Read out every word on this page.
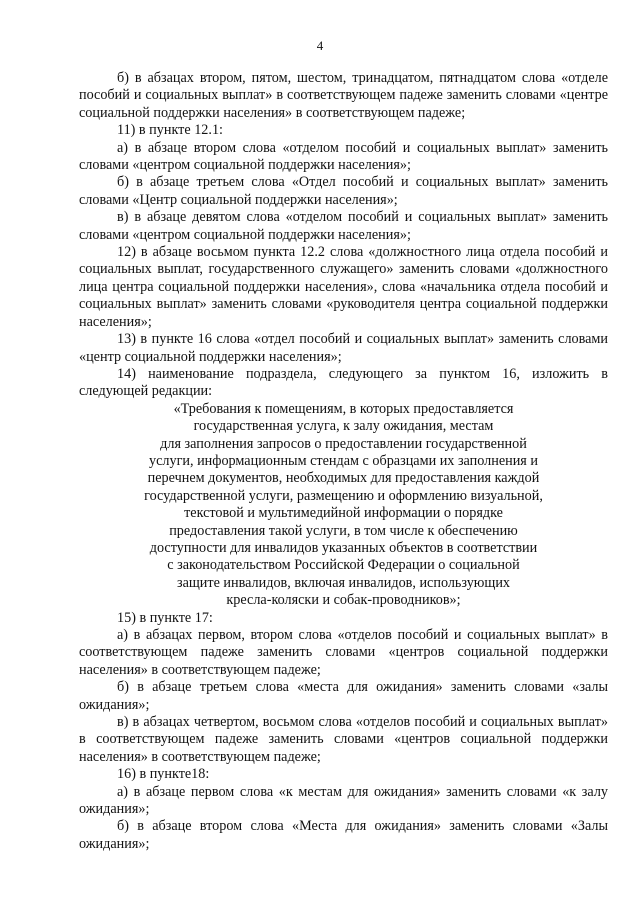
4

б) в абзацах втором, пятом, шестом, тринадцатом, пятнадцатом слова «отделе пособий и социальных выплат» в соответствующем падеже заменить словами «центре социальной поддержки населения» в соответствующем падеже;

11) в пункте 12.1:

а) в абзаце втором слова «отделом пособий и социальных выплат» заменить словами «центром социальной поддержки населения»;

б) в абзаце третьем слова «Отдел пособий и социальных выплат» заменить словами «Центр социальной поддержки населения»;

в) в абзаце девятом слова «отделом пособий и социальных выплат» заменить словами «центром социальной поддержки населения»;

12) в абзаце восьмом пункта 12.2 слова «должностного лица отдела пособий и социальных выплат, государственного служащего» заменить словами «должностного лица центра социальной поддержки населения», слова «начальника отдела пособий и социальных выплат» заменить словами «руководителя центра социальной поддержки населения»;

13) в пункте 16 слова «отдел пособий и социальных выплат» заменить словами «центр социальной поддержки населения»;

14) наименование подраздела, следующего за пунктом 16, изложить в следующей редакции:

«Требования к помещениям, в которых предоставляется

государственная услуга, к залу ожидания, местам

для заполнения запросов о предоставлении государственной

услуги, информационным стендам с образцами их заполнения и

перечнем документов, необходимых для предоставления каждой

государственной услуги, размещению и оформлению визуальной,

текстовой и мультимедийной информации о порядке

предоставления такой услуги, в том числе к обеспечению

доступности для инвалидов указанных объектов в соответствии

с законодательством Российской Федерации о социальной

защите инвалидов, включая инвалидов, использующих

кресла-коляски и собак-проводников»;

15) в пункте 17:

а) в абзацах первом, втором слова «отделов пособий и социальных выплат» в соответствующем падеже заменить словами «центров социальной поддержки населения» в соответствующем падеже;

б) в абзаце третьем слова «места для ожидания» заменить словами «залы ожидания»;

в) в абзацах четвертом, восьмом слова «отделов пособий и социальных выплат» в соответствующем падеже заменить словами «центров социальной поддержки населения» в соответствующем падеже;

16) в пункте18:

а) в абзаце первом слова «к местам для ожидания» заменить словами «к залу ожидания»;

б) в абзаце втором слова «Места для ожидания» заменить словами «Залы ожидания»;
